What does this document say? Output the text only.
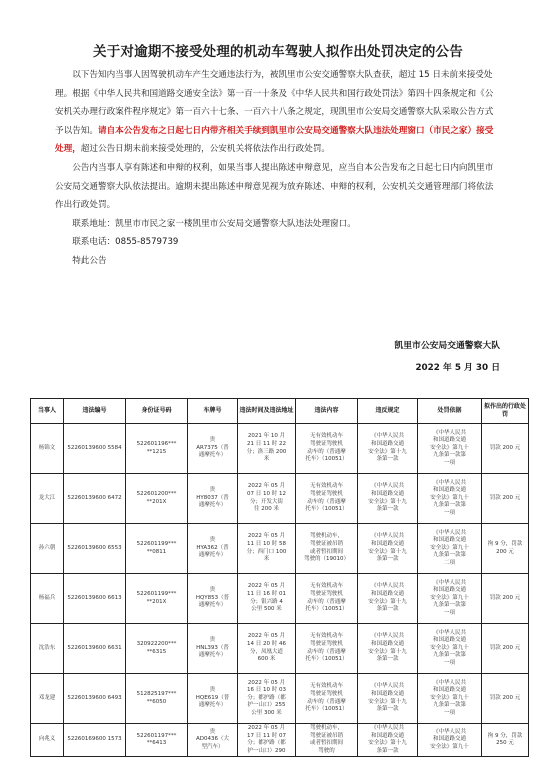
关于对逾期不接受处理的机动车驾驶人拟作出处罚决定的公告

以下告知内当事人因驾驶机动车产生交通违法行为，被凯里市公安交通警察大队查获，超过 15 日未前来接受处理。根据《中华人民共和国道路交通安全法》第一百一十条及《中华人民共和国行政处罚法》第四十四条规定和《公安机关办理行政案件程序规定》第一百六十七条、一百六十八条之规定，现凯里市公安局交通警察大队采取公告方式予以告知。请自本公告发布之日起七日内带齐相关手续到凯里市公安局交通警察大队违法处理窗口（市民之家）接受处理，超过公告日期未前来接受处理的，公安机关将依法作出行政处罚。

公告内当事人享有陈述和申辩的权利，如果当事人提出陈述申辩意见，应当自本公告发布之日起七日内向凯里市公安局交通警察大队依法提出。逾期未提出陈述申辩意见视为放弃陈述、申辩的权利，公安机关交通管理部门将依法作出行政处罚。

联系地址：凯里市市民之家一楼凯里市公安局交通警察大队违法处理窗口。

联系电话：0855-8579739

特此公告

凯里市公安局交通警察大队
2022 年 5 月 30 日
当事人	违法编号	身份证号码	车牌号	违法时间及违法地址	违法内容	违反规定	处罚依据	拟作出的行政处罚
杨锦文	52260139600 5584	522601196***
**1215	贵
AR7375（普
通摩托车）	2021 年 10 月
21 日 11 时 22
分；洛三路 200
米	无有效机动车
驾驶证驾驶机
动车的（普通摩
托车）（10051）	《中华人民共
和国道路交通
安全法》第十九
条第一款	《中华人民共
和国道路交通
安全法》第九十
九条第一款第
一项	罚款 200 元
龙大江	52260139600 6472	522601200***
**201X	贵
HY8037（普
通摩托车）	2022 年 05 月
07 日 10 时 12
分；开发大街
往 200 米	无有效机动车
驾驶证驾驶机
动车的（普通摩
托车）（10051）	《中华人民共
和国道路交通
安全法》第十九
条第一款	《中华人民共
和国道路交通
安全法》第九十
九条第一款第
一项	罚款 200 元
孙六朝	52260139600 6553	522601199***
**0811	贵
HYA362（普
通摩托车）	2022 年 05 月
11 日 10 时 58
分；西门口 100
米	驾驶机动车，
驾驶证被吊销
或者暂扣期间
驾驶的（19010）	《中华人民共
和国道路交通
安全法》第十九
条第一款	《中华人民共
和国道路交通
安全法》第九十
九条第一款第
二项	拘 9 分，罚款
200 元
杨福兵	52260139600 6613	522601199***
**201X	贵
HQY853（普
通摩托车）	2022 年 05 月
11 日 16 时 01
分；银兴路 4
公里 500 米	无有效机动车
驾驶证驾驶机
动车的（普通摩
托车）（10051）	《中华人民共
和国道路交通
安全法》第十九
条第一款	《中华人民共
和国道路交通
安全法》第九十
九条第一款第
一项	罚款 200 元
沈浩东	52260139600 6631	320922200***
**6315	贵
HNL393（普
通摩托车）	2022 年 05 月
14 日 20 时 46
分，凤凰大道
600 米	无有效机动车
驾驶证驾驶机
动车的（普通摩
托车）（10051）	《中华人民共
和国道路交通
安全法》第十九
条第一款	《中华人民共
和国道路交通
安全法》第九十
九条第一款第
一项	罚款 200 元
邓龙建	52260139600 6493	512825197***
**6050	贵
HQE619（普
通摩托车）	2022 年 05 月
16 日 10 时 03
分；都护路（都
护一山口）255
公里 300 米	无有效机动车
驾驶证驾驶机
动车的（普通摩
托车）（10051）	《中华人民共
和国道路交通
安全法》第十九
条第一款	《中华人民共
和国道路交通
安全法》第九十
九条第一款第
一项	罚款 200 元
向兆义	52260169600 1573	522601197***
**6413	贵
AD0436（大
型汽车）	2022 年 05 月
17 日 11 时 07
分；都护路（都
护一山口）290	驾驶机动车，
驾驶证被吊销
或者暂扣期间
驾驶的	《中华人民共
和国道路交通
安全法》第十九
条第一款	《中华人民共
和国道路交通
安全法》第九十	拘 9 分，罚款
250 元
